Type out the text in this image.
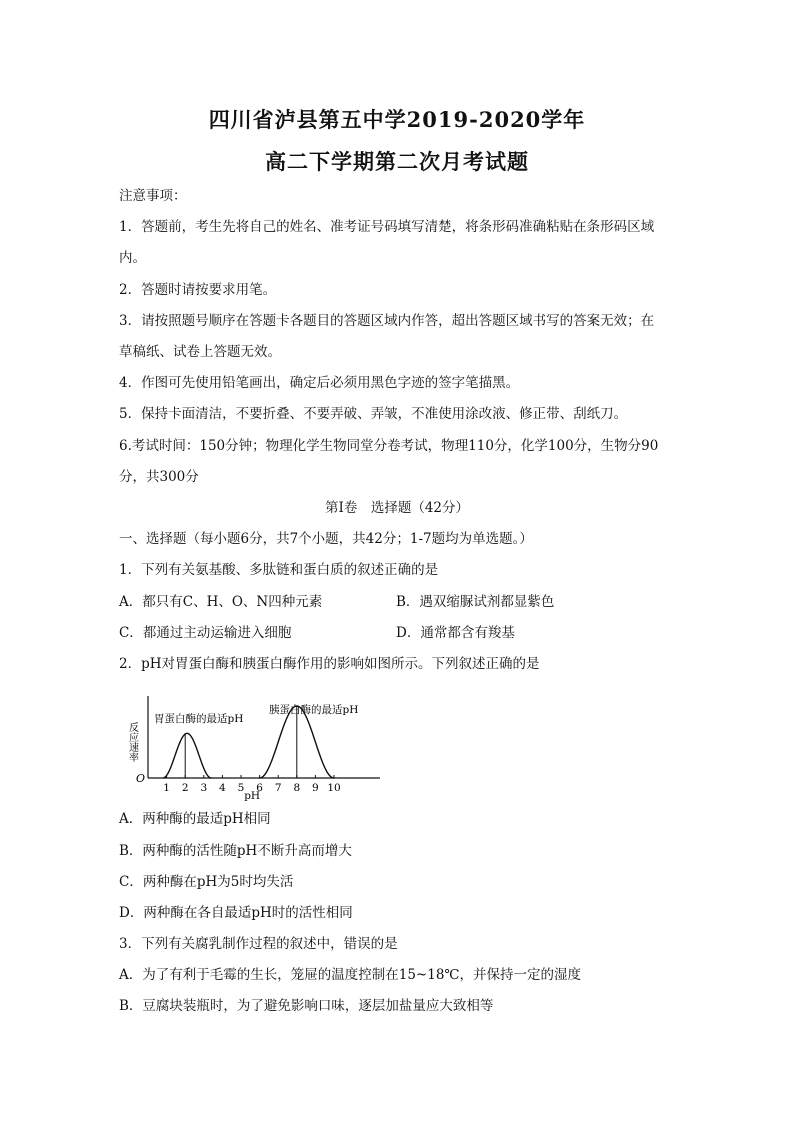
四川省泸县第五中学2019-2020学年
高二下学期第二次月考试题
注意事项：
1．答题前，考生先将自己的姓名、准考证号码填写清楚，将条形码准确粘贴在条形码区域
内。
2．答题时请按要求用笔。
3．请按照题号顺序在答题卡各题目的答题区域内作答，超出答题区域书写的答案无效；在
草稿纸、试卷上答题无效。
4．作图可先使用铅笔画出，确定后必须用黑色字迹的签字笔描黑。
5．保持卡面清洁，不要折叠、不要弄破、弄皱，不准使用涂改液、修正带、刮纸刀。
6.考试时间：150分钟；物理化学生物同堂分卷考试，物理110分，化学100分，生物分90
分，共300分
第I卷　选择题（42分）
一、选择题（每小题6分，共7个小题，共42分；1-7题均为单选题。）
1．下列有关氨基酸、多肽链和蛋白质的叙述正确的是
A．都只有C、H、O、N四种元素	B．遇双缩脲试剂都显紫色
C．都通过主动运输进入细胞	D．通常都含有羧基
2．pH对胃蛋白酶和胰蛋白酶作用的影响如图所示。下列叙述正确的是
O
反应速率
1 2 3 4 5 6 7 8 9 10
pH
胃蛋白酶的最适pH
胰蛋白酶的最适pH
A．两种酶的最适pH相同
B．两种酶的活性随pH不断升高而增大
C．两种酶在pH为5时均失活
D．两种酶在各自最适pH时的活性相同
3．下列有关腐乳制作过程的叙述中，错误的是
A．为了有利于毛霉的生长，笼屉的温度控制在15~18℃，并保持一定的湿度
B．豆腐块装瓶时，为了避免影响口味，逐层加盐量应大致相等
